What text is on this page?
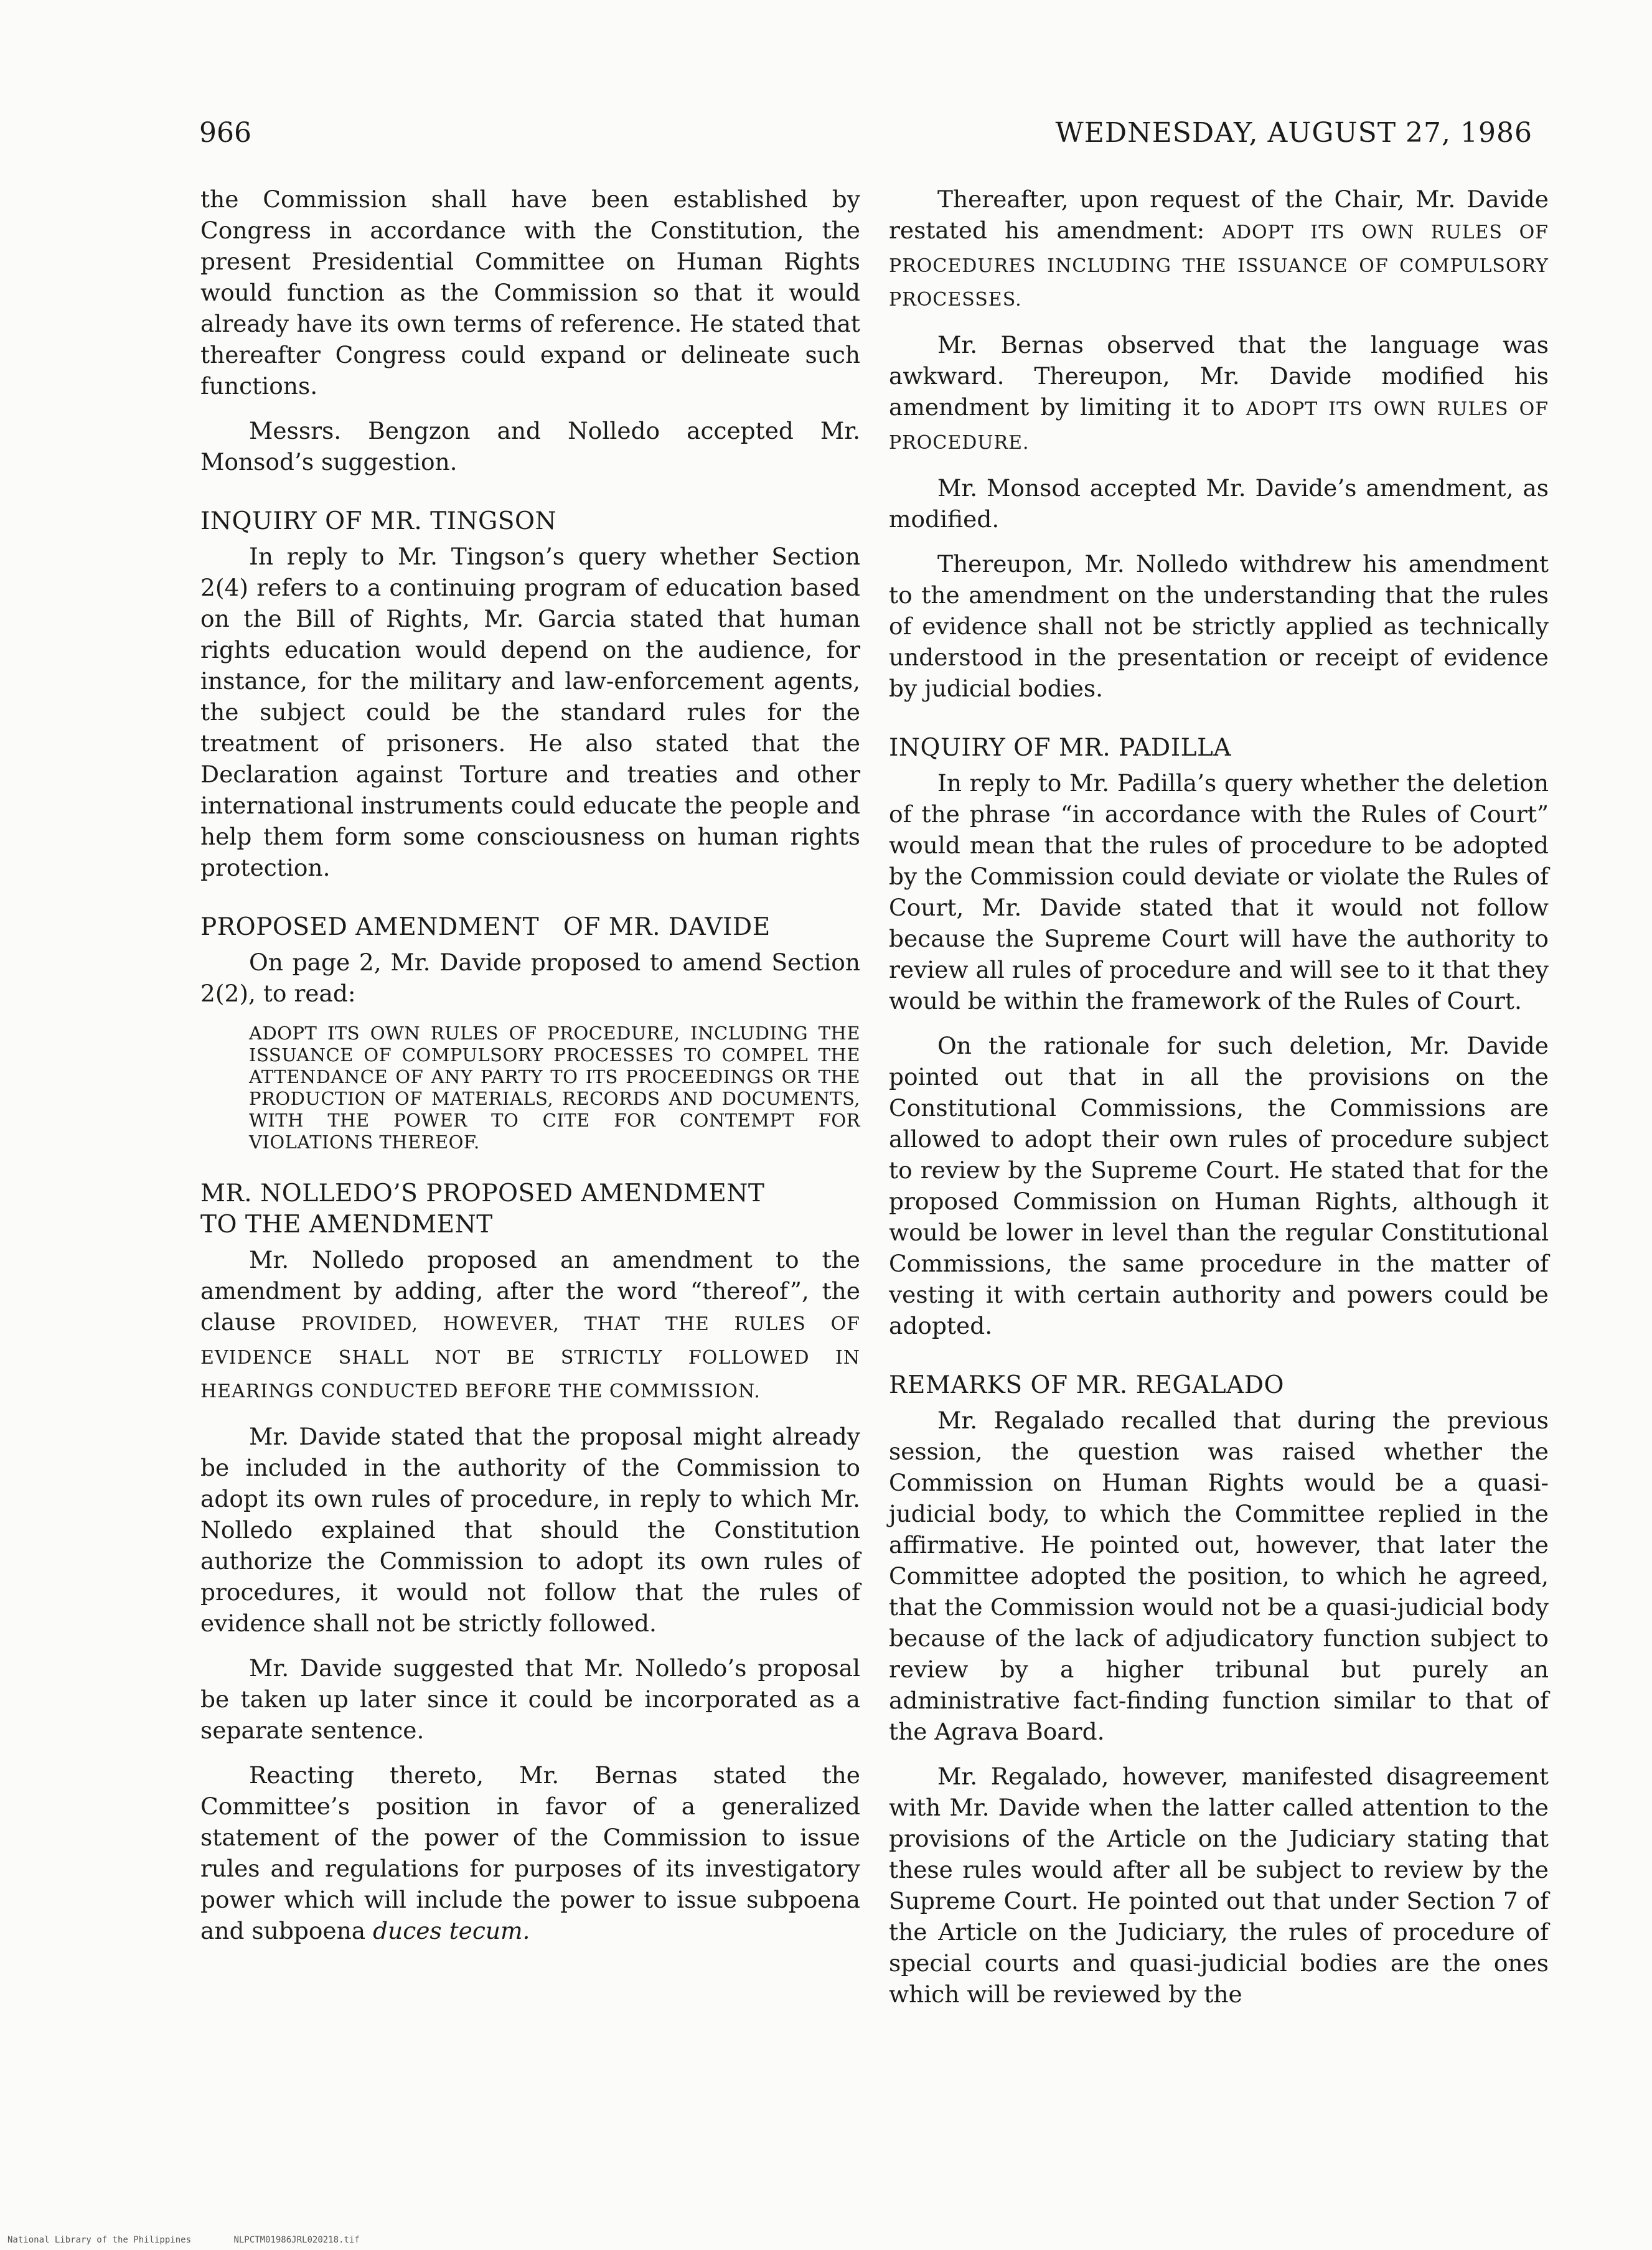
966	WEDNESDAY, AUGUST 27, 1986

the Commission shall have been established by Congress in accordance with the Constitution, the present Presidential Committee on Human Rights would function as the Commission so that it would already have its own terms of reference. He stated that thereafter Congress could expand or delineate such functions.

Messrs. Bengzon and Nolledo accepted Mr. Monsod’s suggestion.

INQUIRY OF MR. TINGSON

In reply to Mr. Tingson’s query whether Section 2(4) refers to a continuing program of education based on the Bill of Rights, Mr. Garcia stated that human rights education would depend on the audience, for instance, for the military and law-enforcement agents, the subject could be the standard rules for the treatment of prisoners. He also stated that the Declaration against Torture and treaties and other international instruments could educate the people and help them form some consciousness on human rights protection.

PROPOSED AMENDMENT   OF MR. DAVIDE

On page 2, Mr. Davide proposed to amend Section 2(2), to read:

ADOPT ITS OWN RULES OF PROCEDURE, INCLUDING THE ISSUANCE OF COMPULSORY PROCESSES TO COMPEL THE ATTENDANCE OF ANY PARTY TO ITS PROCEEDINGS OR THE PRODUCTION OF MATERIALS, RECORDS AND DOCUMENTS, WITH THE POWER TO CITE FOR CONTEMPT FOR VIOLATIONS THEREOF.
MR. NOLLEDO’S PROPOSED AMENDMENT
TO THE AMENDMENT

Mr. Nolledo proposed an amendment to the amendment by adding, after the word “thereof”, the clause PROVIDED, HOWEVER, THAT THE RULES OF EVIDENCE SHALL NOT BE STRICTLY FOLLOWED IN HEARINGS CONDUCTED BEFORE THE COMMISSION.

Mr. Davide stated that the proposal might already be included in the authority of the Commission to adopt its own rules of procedure, in reply to which Mr. Nolledo explained that should the Constitution authorize the Commission to adopt its own rules of procedures, it would not follow that the rules of evidence shall not be strictly followed.

Mr. Davide suggested that Mr. Nolledo’s proposal be taken up later since it could be incorporated as a separate sentence.

Reacting thereto, Mr. Bernas stated the Committee’s position in favor of a generalized statement of the power of the Commission to issue rules and regulations for purposes of its investigatory power which will include the power to issue subpoena and subpoena duces tecum.

Thereafter, upon request of the Chair, Mr. Davide restated his amendment: ADOPT ITS OWN RULES OF PROCEDURES INCLUDING THE ISSUANCE OF COMPULSORY PROCESSES.

Mr. Bernas observed that the language was awkward. Thereupon, Mr. Davide modified his amendment by limiting it to ADOPT ITS OWN RULES OF PROCEDURE.

Mr. Monsod accepted Mr. Davide’s amendment, as modified.

Thereupon, Mr. Nolledo withdrew his amendment to the amendment on the understanding that the rules of evidence shall not be strictly applied as technically understood in the presentation or receipt of evidence by judicial bodies.

INQUIRY OF MR. PADILLA

In reply to Mr. Padilla’s query whether the deletion of the phrase “in accordance with the Rules of Court” would mean that the rules of procedure to be adopted by the Commission could deviate or violate the Rules of Court, Mr. Davide stated that it would not follow because the Supreme Court will have the authority to review all rules of procedure and will see to it that they would be within the framework of the Rules of Court.

On the rationale for such deletion, Mr. Davide pointed out that in all the provisions on the Constitutional Commissions, the Commissions are allowed to adopt their own rules of procedure subject to review by the Supreme Court. He stated that for the proposed Commission on Human Rights, although it would be lower in level than the regular Constitutional Commissions, the same procedure in the matter of vesting it with certain authority and powers could be adopted.

REMARKS OF MR. REGALADO

Mr. Regalado recalled that during the previous session, the question was raised whether the Commission on Human Rights would be a quasi-judicial body, to which the Committee replied in the affirmative. He pointed out, however, that later the Committee adopted the position, to which he agreed, that the Commission would not be a quasi-judicial body because of the lack of adjudicatory function subject to review by a higher tribunal but purely an administrative fact-finding function similar to that of the Agrava Board.

Mr. Regalado, however, manifested disagreement with Mr. Davide when the latter called attention to the provisions of the Article on the Judiciary stating that these rules would after all be subject to review by the Supreme Court. He pointed out that under Section 7 of the Article on the Judiciary, the rules of procedure of special courts and quasi-judicial bodies are the ones which will be reviewed by the

National Library of the Philippines	NLPCTM01986JRL020218.tif
